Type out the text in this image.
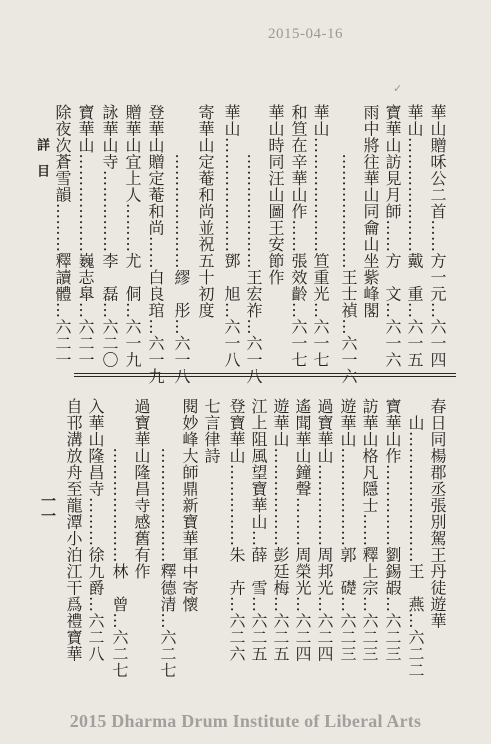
2015-04-16
✓
詳　目	華山贈咊公二首……方一元…六一四
華山…………………戴　重…六一五
寶華山訪見月師……方　文…六一六
雨中將往華山同龠山坐紫峰閣
　　　…………………王士禎…六一六
華山…………………笪重光…六一七
和笪在辛華山作……張效齡…六一七
華山時同汪山圖王安節作
　　　…………………王宏祚…六一八
華山…………………鄧　旭…六一八
寄華山定菴和尚並祝五十初度
　　　…………………繆　彤…六一八
登華山贈定菴和尚……白良琯…六一九
贈華山宜上人………尤　侗…六一九
詠華山寺……………李　磊…六二〇
寶華山………………巍志臯…六二一
除夜次蒼雪韻………釋讀體…六二一
春日同楊郡丞張別駕王丹徒遊華
　山……………………王　燕…六二二
寶華山作……………劉錫嘏…六二三
訪華山格凡隱士……釋上宗…六二三
遊華山………………郭　礎…六二三
過寶華山……………周邦光…六二四
遙聞華山鐘聲………周榮光…六二四
遊華山………………彭廷梅…六二五
江上阻風望寶華山…薛　雪…六二五
登寶華山……………朱　卉…六二六
七言律詩
閱妙峰大師鼎新寶華軍中寄懷
　　　…………………釋德清…六二七
過寶華山隆昌寺感舊有作
　　　…………………林　曾…六二七
入華山隆昌寺………徐九爵…六二八
自邗溝放舟至龍潭小泊江干爲禮寶華
一一
2015 Dharma Drum Institute of Liberal Arts
